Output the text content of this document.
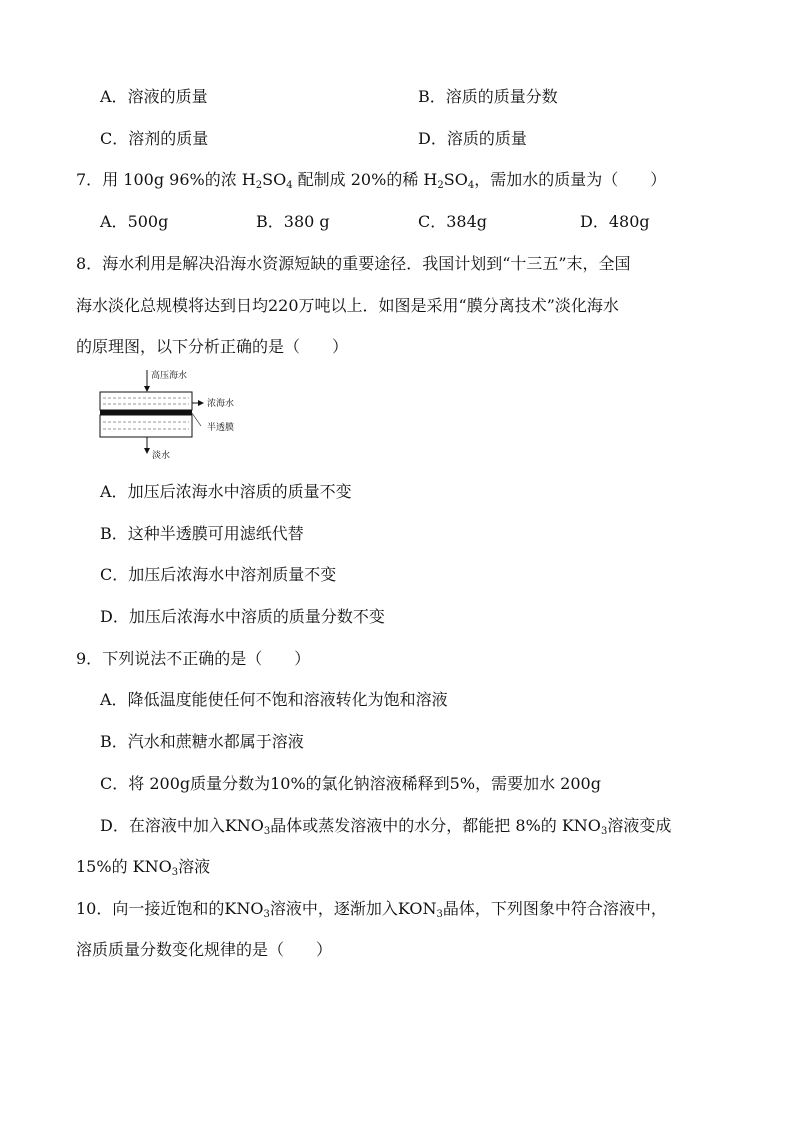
A．溶液的质量	B．溶质的质量分数
C．溶剂的质量	D．溶质的质量
7．用 100g 96%的浓 $H_2SO_4$ 配制成 20%的稀 $H_2SO_4$，需加水的质量为（　　）
A．500g	B．380 g	C．384g	D．480g
8．海水利用是解决沿海水资源短缺的重要途径．我国计划到“十三五”末，全国
海水淡化总规模将达到日均220万吨以上．如图是采用“膜分离技术”淡化海水
的原理图，以下分析正确的是（　　）
高压海水
浓海水
半透膜
淡水
A．加压后浓海水中溶质的质量不变
B．这种半透膜可用滤纸代替
C．加压后浓海水中溶剂质量不变
D．加压后浓海水中溶质的质量分数不变
9．下列说法不正确的是（　　）
A．降低温度能使任何不饱和溶液转化为饱和溶液
B．汽水和蔗糖水都属于溶液
C．将 200g质量分数为10%的氯化钠溶液稀释到5%，需要加水 200g
D．在溶液中加入$KNO_3$晶体或蒸发溶液中的水分，都能把 8%的 $KNO_3$溶液变成
15%的 $KNO_3$溶液
10．向一接近饱和的$KNO_3$溶液中，逐渐加入$KON_3$晶体，下列图象中符合溶液中，
溶质质量分数变化规律的是（　　）
